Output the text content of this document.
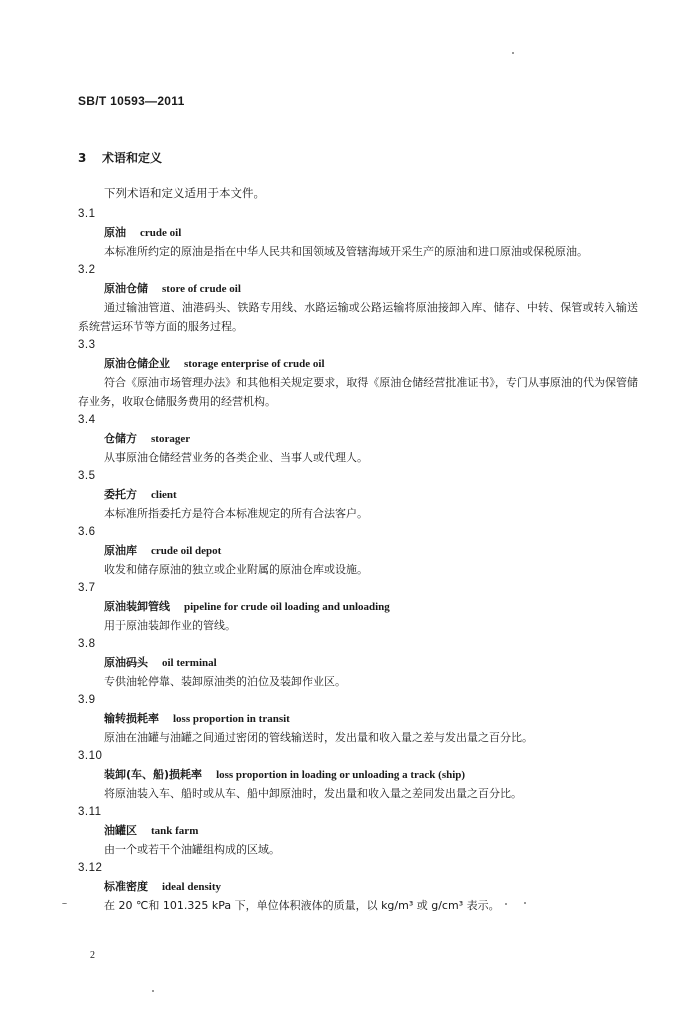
SB/T 10593—2011
3 术语和定义
下列术语和定义适用于本文件。
3.1
原油 crude oil
本标准所约定的原油是指在中华人民共和国领域及管辖海域开采生产的原油和进口原油或保税原油。
3.2
原油仓储 store of crude oil
通过输油管道、油港码头、铁路专用线、水路运输或公路运输将原油接卸入库、储存、中转、保管或转入输送系统营运环节等方面的服务过程。
3.3
原油仓储企业 storage enterprise of crude oil
符合《原油市场管理办法》和其他相关规定要求，取得《原油仓储经营批准证书》，专门从事原油的代为保管储存业务，收取仓储服务费用的经营机构。
3.4
仓储方 storager
从事原油仓储经营业务的各类企业、当事人或代理人。
3.5
委托方 client
本标准所指委托方是符合本标准规定的所有合法客户。
3.6
原油库 crude oil depot
收发和储存原油的独立或企业附属的原油仓库或设施。
3.7
原油装卸管线 pipeline for crude oil loading and unloading
用于原油装卸作业的管线。
3.8
原油码头 oil terminal
专供油轮停靠、装卸原油类的泊位及装卸作业区。
3.9
输转损耗率 loss proportion in transit
原油在油罐与油罐之间通过密闭的管线输送时，发出量和收入量之差与发出量之百分比。
3.10
装卸(车、船)损耗率 loss proportion in loading or unloading a track (ship)
将原油装入车、船时或从车、船中卸原油时，发出量和收入量之差同发出量之百分比。
3.11
油罐区 tank farm
由一个或若干个油罐组构成的区域。
3.12
标准密度 ideal density
在 20 ℃和 101.325 kPa 下，单位体积液体的质量，以 kg/m³ 或 g/cm³ 表示。
2
